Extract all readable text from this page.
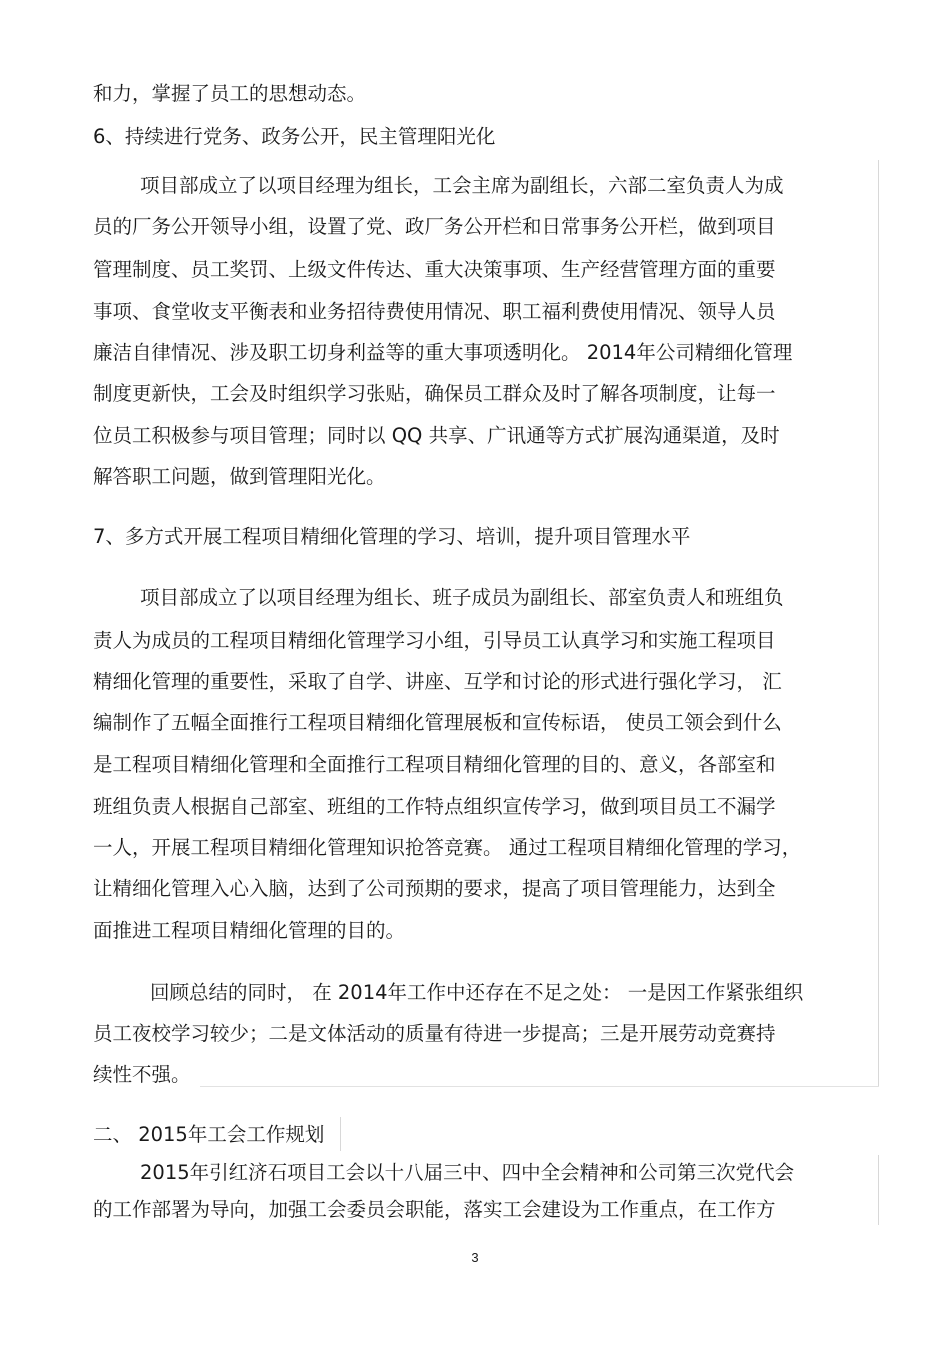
和力，掌握了员工的思想动态。

6、持续进行党务、政务公开，民主管理阳光化

项目部成立了以项目经理为组长，工会主席为副组长，六部二室负责人为成

员的厂务公开领导小组，设置了党、政厂务公开栏和日常事务公开栏，做到项目

管理制度、员工奖罚、上级文件传达、重大决策事项、生产经营管理方面的重要

事项、食堂收支平衡表和业务招待费使用情况、职工福利费使用情况、领导人员

廉洁自律情况、涉及职工切身利益等的重大事项透明化。 2014年公司精细化管理

制度更新快，工会及时组织学习张贴，确保员工群众及时了解各项制度，让每一

位员工积极参与项目管理；同时以 QQ 共享、广讯通等方式扩展沟通渠道，及时

解答职工问题，做到管理阳光化。

7、多方式开展工程项目精细化管理的学习、培训，提升项目管理水平

项目部成立了以项目经理为组长、班子成员为副组长、部室负责人和班组负

责人为成员的工程项目精细化管理学习小组，引导员工认真学习和实施工程项目

精细化管理的重要性，采取了自学、讲座、互学和讨论的形式进行强化学习， 汇

编制作了五幅全面推行工程项目精细化管理展板和宣传标语， 使员工领会到什么

是工程项目精细化管理和全面推行工程项目精细化管理的目的、意义，各部室和

班组负责人根据自己部室、班组的工作特点组织宣传学习，做到项目员工不漏学

一人，开展工程项目精细化管理知识抢答竞赛。 通过工程项目精细化管理的学习，

让精细化管理入心入脑，达到了公司预期的要求，提高了项目管理能力，达到全

面推进工程项目精细化管理的目的。

回顾总结的同时， 在 2014年工作中还存在不足之处： 一是因工作紧张组织

员工夜校学习较少；二是文体活动的质量有待进一步提高；三是开展劳动竞赛持

续性不强。

二、 2015年工会工作规划

2015年引红济石项目工会以十八届三中、四中全会精神和公司第三次党代会

的工作部署为导向，加强工会委员会职能，落实工会建设为工作重点，在工作方

3
